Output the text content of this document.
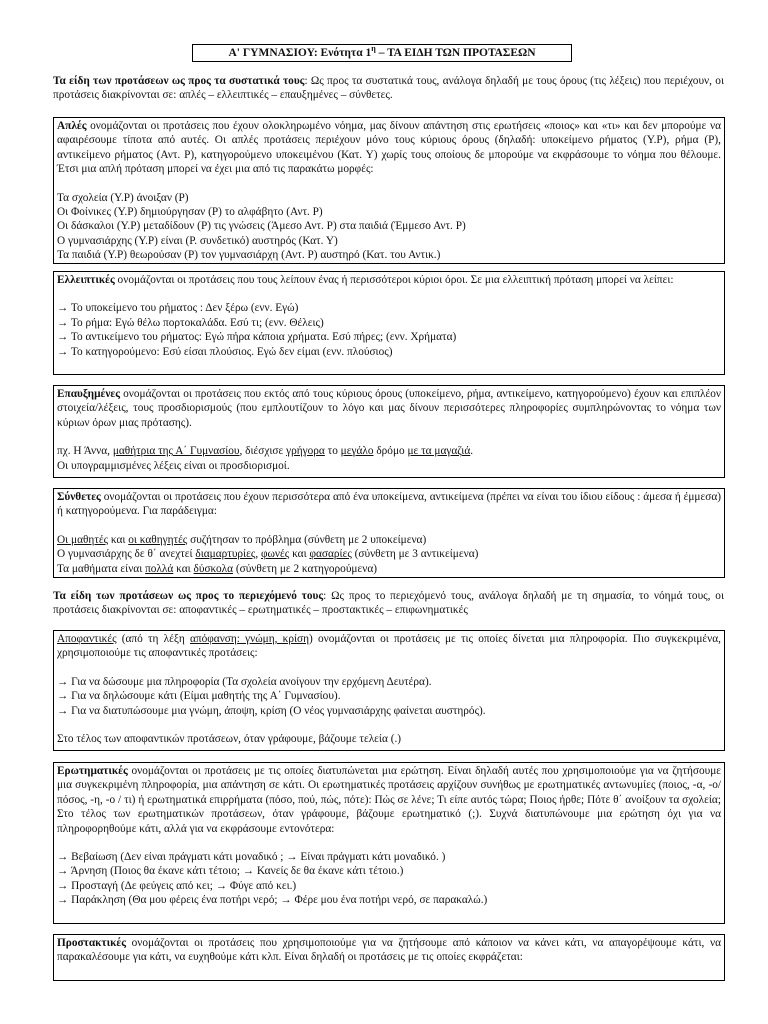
Α' ΓΥΜΝΑΣΙΟΥ: Ενότητα $1^\eta$ – ΤΑ ΕΙΔΗ ΤΩΝ ΠΡΟΤΑΣΕΩΝ

Τα είδη των προτάσεων ως προς τα συστατικά τους: Ως προς τα συστατικά τους, ανάλογα δηλαδή με τους όρους (τις λέξεις) που περιέχουν, οι προτάσεις διακρίνονται σε: απλές – ελλειπτικές – επαυξημένες – σύνθετες.

Απλές ονομάζονται οι προτάσεις που έχουν ολοκληρωμένο νόημα, μας δίνουν απάντηση στις ερωτήσεις «ποιος» και «τι» και δεν μπορούμε να αφαιρέσουμε τίποτα από αυτές. Οι απλές προτάσεις περιέχουν μόνο τους κύριους όρους (δηλαδή: υποκείμενο ρήματος (Υ.Ρ), ρήμα (Ρ), αντικείμενο ρήματος (Αντ. Ρ), κατηγορούμενο υποκειμένου (Κατ. Υ) χωρίς τους οποίους δε μπορούμε να εκφράσουμε το νόημα που θέλουμε. Έτσι μια απλή πρόταση μπορεί να έχει μια από τις παρακάτω μορφές:

Τα σχολεία (Υ.Ρ) άνοιξαν (Ρ)

Οι Φοίνικες (Υ.Ρ) δημιούργησαν (Ρ) το αλφάβητο (Αντ. Ρ)

Οι δάσκαλοι (Υ.Ρ) μεταδίδουν (Ρ) τις γνώσεις (Άμεσο Αντ. Ρ) στα παιδιά (Έμμεσο Αντ. Ρ)

Ο γυμνασιάρχης (Υ.Ρ) είναι (Ρ. συνδετικό) αυστηρός (Κατ. Υ)

Τα παιδιά (Υ.Ρ) θεωρούσαν (Ρ) τον γυμνασιάρχη (Αντ. Ρ) αυστηρό (Κατ. του Αντικ.)

Ελλειπτικές ονομάζονται οι προτάσεις που τους λείπουν ένας ή περισσότεροι κύριοι όροι. Σε μια ελλειπτική πρόταση μπορεί να λείπει:

→ Το υποκείμενο του ρήματος : Δεν ξέρω (ενν. Εγώ)

→ Το ρήμα: Εγώ θέλω πορτοκαλάδα. Εσύ τι; (ενν. Θέλεις)

→ Το αντικείμενο του ρήματος: Εγώ πήρα κάποια χρήματα. Εσύ πήρες; (ενν. Χρήματα)

→ Το κατηγορούμενο: Εσύ είσαι πλούσιος. Εγώ δεν είμαι (ενν. πλούσιος)

Επαυξημένες ονομάζονται οι προτάσεις που εκτός από τους κύριους όρους (υποκείμενο, ρήμα, αντικείμενο, κατηγορούμενο) έχουν και επιπλέον στοιχεία/λέξεις, τους προσδιορισμούς (που εμπλουτίζουν το λόγο και μας δίνουν περισσότερες πληροφορίες συμπληρώνοντας το νόημα των κύριων όρων μιας πρότασης).

πχ. Η Άννα, μαθήτρια της Α΄ Γυμνασίου, διέσχισε γρήγορα το μεγάλο δρόμο με τα μαγαζιά.

Οι υπογραμμισμένες λέξεις είναι οι προσδιορισμοί.

Σύνθετες ονομάζονται οι προτάσεις που έχουν περισσότερα από ένα υποκείμενα, αντικείμενα (πρέπει να είναι του ίδιου είδους : άμεσα ή έμμεσα) ή κατηγορούμενα. Για παράδειγμα:

Οι μαθητές και οι καθηγητές συζήτησαν το πρόβλημα (σύνθετη με 2 υποκείμενα)

Ο γυμνασιάρχης δε θ΄ ανεχτεί διαμαρτυρίες, φωνές και φασαρίες (σύνθετη με 3 αντικείμενα)

Τα μαθήματα είναι πολλά και δύσκολα (σύνθετη με 2 κατηγορούμενα)

Τα είδη των προτάσεων ως προς το περιεχόμενό τους: Ως προς το περιεχόμενό τους, ανάλογα δηλαδή με τη σημασία, το νόημά τους, οι προτάσεις διακρίνονται σε: αποφαντικές – ερωτηματικές – προστακτικές – επιφωνηματικές

Αποφαντικές (από τη λέξη απόφανση: γνώμη, κρίση) ονομάζονται οι προτάσεις με τις οποίες δίνεται μια πληροφορία. Πιο συγκεκριμένα, χρησιμοποιούμε τις αποφαντικές προτάσεις:

→ Για να δώσουμε μια πληροφορία (Τα σχολεία ανοίγουν την ερχόμενη Δευτέρα).

→ Για να δηλώσουμε κάτι (Είμαι μαθητής της Α΄ Γυμνασίου).

→ Για να διατυπώσουμε μια γνώμη, άποψη, κρίση (Ο νέος γυμνασιάρχης φαίνεται αυστηρός).

Στο τέλος των αποφαντικών προτάσεων, όταν γράφουμε, βάζουμε τελεία (.)

Ερωτηματικές ονομάζονται οι προτάσεις με τις οποίες διατυπώνεται μια ερώτηση. Είναι δηλαδή αυτές που χρησιμοποιούμε για να ζητήσουμε μια συγκεκριμένη πληροφορία, μια απάντηση σε κάτι. Οι ερωτηματικές προτάσεις αρχίζουν συνήθως με ερωτηματικές αντωνυμίες (ποιος, -α, -ο/ πόσος, -η, -ο / τι) ή ερωτηματικά επιρρήματα (πόσο, πού, πώς, πότε): Πώς σε λένε; Τι είπε αυτός τώρα; Ποιος ήρθε; Πότε θ΄ ανοίξουν τα σχολεία; Στο τέλος των ερωτηματικών προτάσεων, όταν γράφουμε, βάζουμε ερωτηματικό (;). Συχνά διατυπώνουμε μια ερώτηση όχι για να πληροφορηθούμε κάτι, αλλά για να εκφράσουμε εντονότερα:

→ Βεβαίωση (Δεν είναι πράγματι κάτι μοναδικό ; → Είναι πράγματι κάτι μοναδικό. )

→ Άρνηση (Ποιος θα έκανε κάτι τέτοιο; → Κανείς δε θα έκανε κάτι τέτοιο.)

→ Προσταγή (Δε φεύγεις από κει; → Φύγε από κει.)

→ Παράκληση (Θα μου φέρεις ένα ποτήρι νερό; → Φέρε μου ένα ποτήρι νερό, σε παρακαλώ.)

Προστακτικές ονομάζονται οι προτάσεις που χρησιμοποιούμε για να ζητήσουμε από κάποιον να κάνει κάτι, να απαγορέψουμε κάτι, να παρακαλέσουμε για κάτι, να ευχηθούμε κάτι κλπ. Είναι δηλαδή οι προτάσεις με τις οποίες εκφράζεται:
